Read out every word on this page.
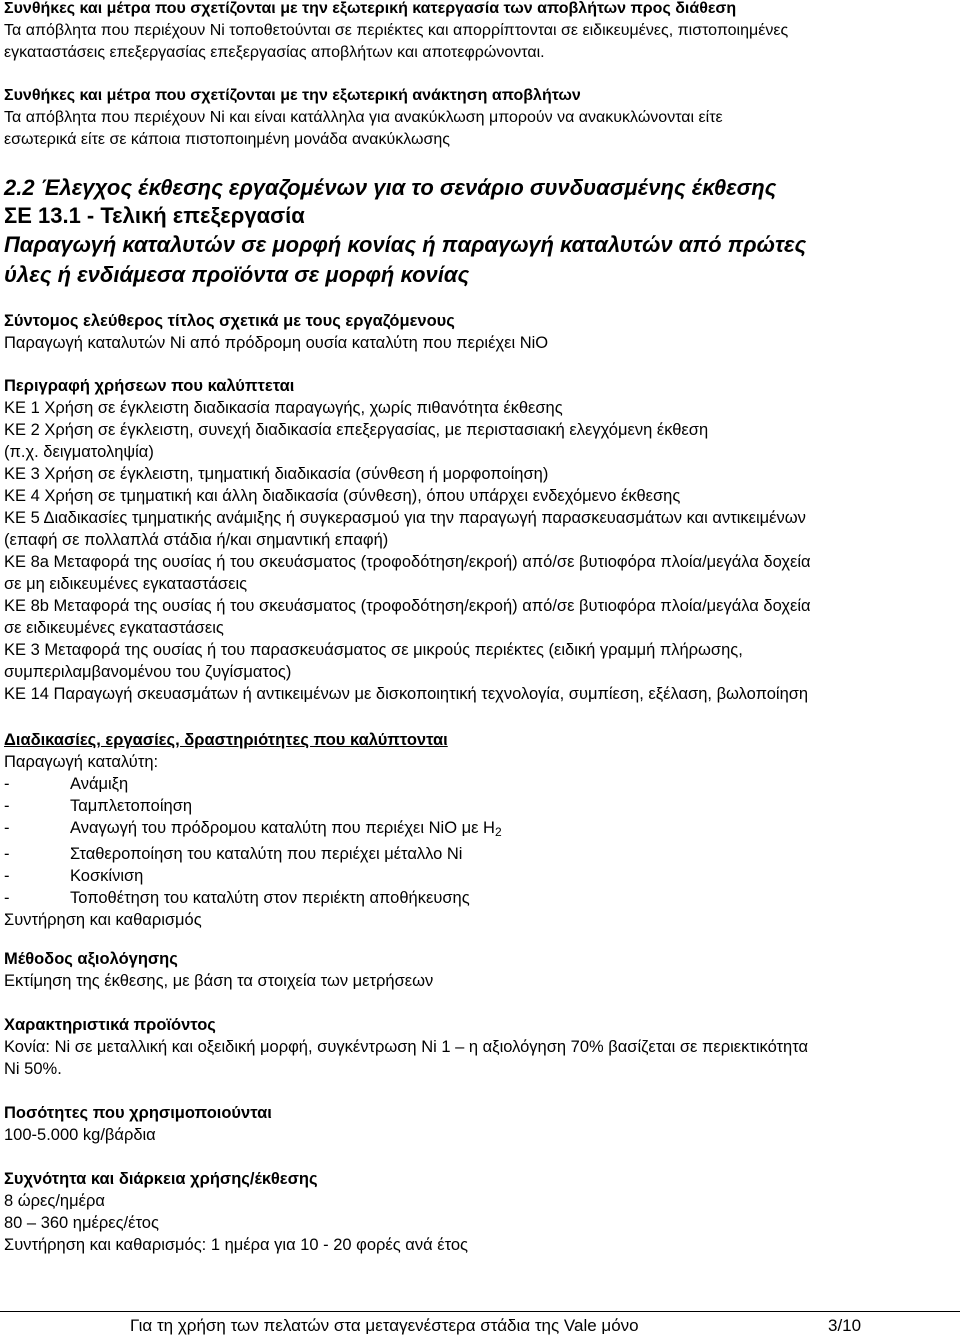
Συνθήκες και μέτρα που σχετίζονται με την εξωτερική κατεργασία των αποβλήτων προς διάθεση

Τα απόβλητα που περιέχουν Ni τοποθετούνται σε περιέκτες και απορρίπτονται σε ειδικευμένες, πιστοποιημένες

εγκαταστάσεις επεξεργασίας επεξεργασίας αποβλήτων και αποτεφρώνονται.

Συνθήκες και μέτρα που σχετίζονται με την εξωτερική ανάκτηση αποβλήτων

Τα απόβλητα που περιέχουν Ni και είναι κατάλληλα για ανακύκλωση μπορούν να ανακυκλώνονται είτε

εσωτερικά είτε σε κάποια πιστοποιημένη μονάδα ανακύκλωσης

2.2 Έλεγχος έκθεσης εργαζομένων για το σενάριο συνδυασμένης έκθεσης
ΣΕ 13.1 - Τελική επεξεργασία
Παραγωγή καταλυτών σε μορφή κονίας ή παραγωγή καταλυτών από πρώτες
ύλες ή ενδιάμεσα προϊόντα σε μορφή κονίας

Σύντομος ελεύθερος τίτλος σχετικά με τους εργαζόμενους

Παραγωγή καταλυτών Ni από πρόδρομη ουσία καταλύτη που περιέχει NiO

Περιγραφή χρήσεων που καλύπτεται

ΚΕ 1 Χρήση σε έγκλειστη διαδικασία παραγωγής, χωρίς πιθανότητα έκθεσης

ΚΕ 2 Χρήση σε έγκλειστη, συνεχή διαδικασία επεξεργασίας, με περιστασιακή ελεγχόμενη έκθεση

(π.χ. δειγματοληψία)

ΚΕ 3 Χρήση σε έγκλειστη, τμηματική διαδικασία (σύνθεση ή μορφοποίηση)

ΚΕ 4 Χρήση σε τμηματική και άλλη διαδικασία (σύνθεση), όπου υπάρχει ενδεχόμενο έκθεσης

ΚΕ 5 Διαδικασίες τμηματικής ανάμιξης ή συγκερασμού για την παραγωγή παρασκευασμάτων και αντικειμένων

(επαφή σε πολλαπλά στάδια ή/και σημαντική επαφή)

ΚΕ 8a Μεταφορά της ουσίας ή του σκευάσματος (τροφοδότηση/εκροή) από/σε βυτιοφόρα πλοία/μεγάλα δοχεία

σε μη ειδικευμένες εγκαταστάσεις

ΚΕ 8b Μεταφορά της ουσίας ή του σκευάσματος (τροφοδότηση/εκροή) από/σε βυτιοφόρα πλοία/μεγάλα δοχεία

σε ειδικευμένες εγκαταστάσεις

ΚΕ 3 Μεταφορά της ουσίας ή του παρασκευάσματος σε μικρούς περιέκτες (ειδική γραμμή πλήρωσης,

συμπεριλαμβανομένου του ζυγίσματος)

ΚΕ 14 Παραγωγή σκευασμάτων ή αντικειμένων με δισκοποιητική τεχνολογία, συμπίεση, εξέλαση, βωλοποίηση

Διαδικασίες, εργασίες, δραστηριότητες που καλύπτονται

Παραγωγή καταλύτη:

-	Ανάμιξη
-	Ταμπλετοποίηση
-	Αναγωγή του πρόδρομου καταλύτη που περιέχει NiO με $H_2$
-	Σταθεροποίηση του καταλύτη που περιέχει μέταλλο Ni
-	Κοσκίνιση
-	Τοποθέτηση του καταλύτη στον περιέκτη αποθήκευσης

Συντήρηση και καθαρισμός

Μέθοδος αξιολόγησης

Εκτίμηση της έκθεσης, με βάση τα στοιχεία των μετρήσεων

Χαρακτηριστικά προϊόντος

Κονία: Ni σε μεταλλική και οξειδική μορφή, συγκέντρωση Ni 1 – η αξιολόγηση 70% βασίζεται σε περιεκτικότητα

Ni 50%.

Ποσότητες που χρησιμοποιούνται

100-5.000 kg/βάρδια

Συχνότητα και διάρκεια χρήσης/έκθεσης

8 ώρες/ημέρα

80 – 360 ημέρες/έτος

Συντήρηση και καθαρισμός: 1 ημέρα για 10 - 20 φορές ανά έτος

Για τη χρήση των πελατών στα μεταγενέστερα στάδια της Vale μόνο	3/10
